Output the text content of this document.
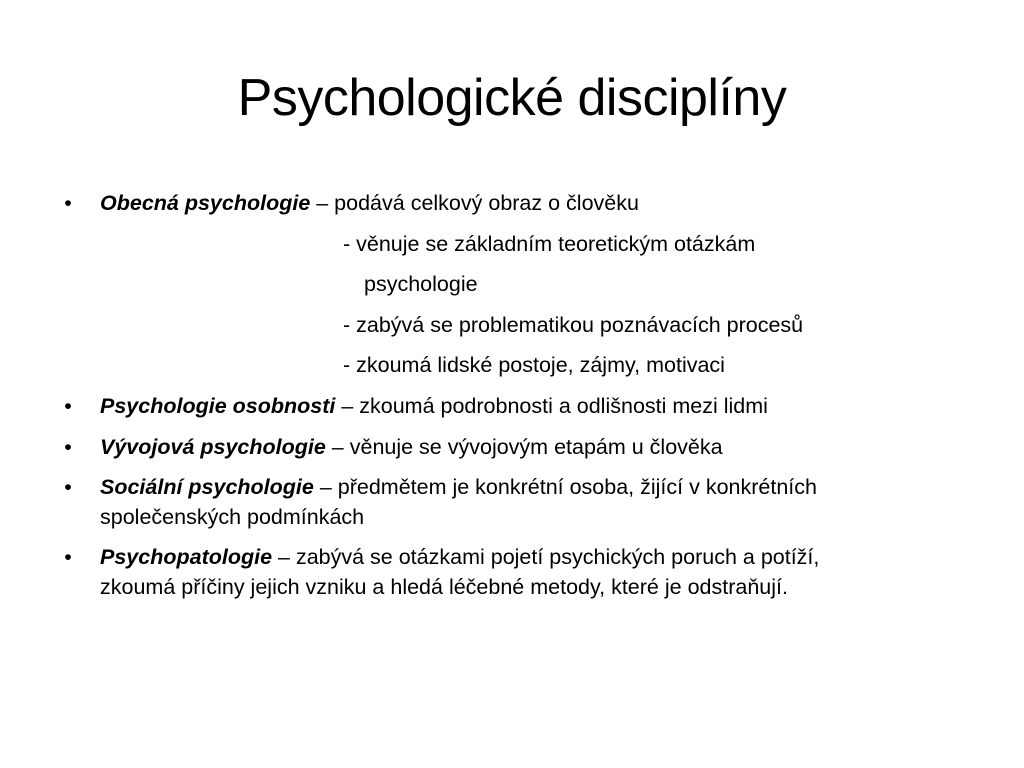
Psychologické disciplíny
• Obecná psychologie – podává celkový obraz o člověku
- věnuje se základním teoretickým otázkám
psychologie
- zabývá se problematikou poznávacích procesů
- zkoumá lidské postoje, zájmy, motivaci
• Psychologie osobnosti – zkoumá podrobnosti a odlišnosti mezi lidmi
• Vývojová psychologie – věnuje se vývojovým etapám u člověka
• Sociální psychologie – předmětem je konkrétní osoba, žijící v konkrétních
společenských podmínkách
• Psychopatologie – zabývá se otázkami pojetí psychických poruch a potíží,
zkoumá příčiny jejich vzniku a hledá léčebné metody, které je odstraňují.
